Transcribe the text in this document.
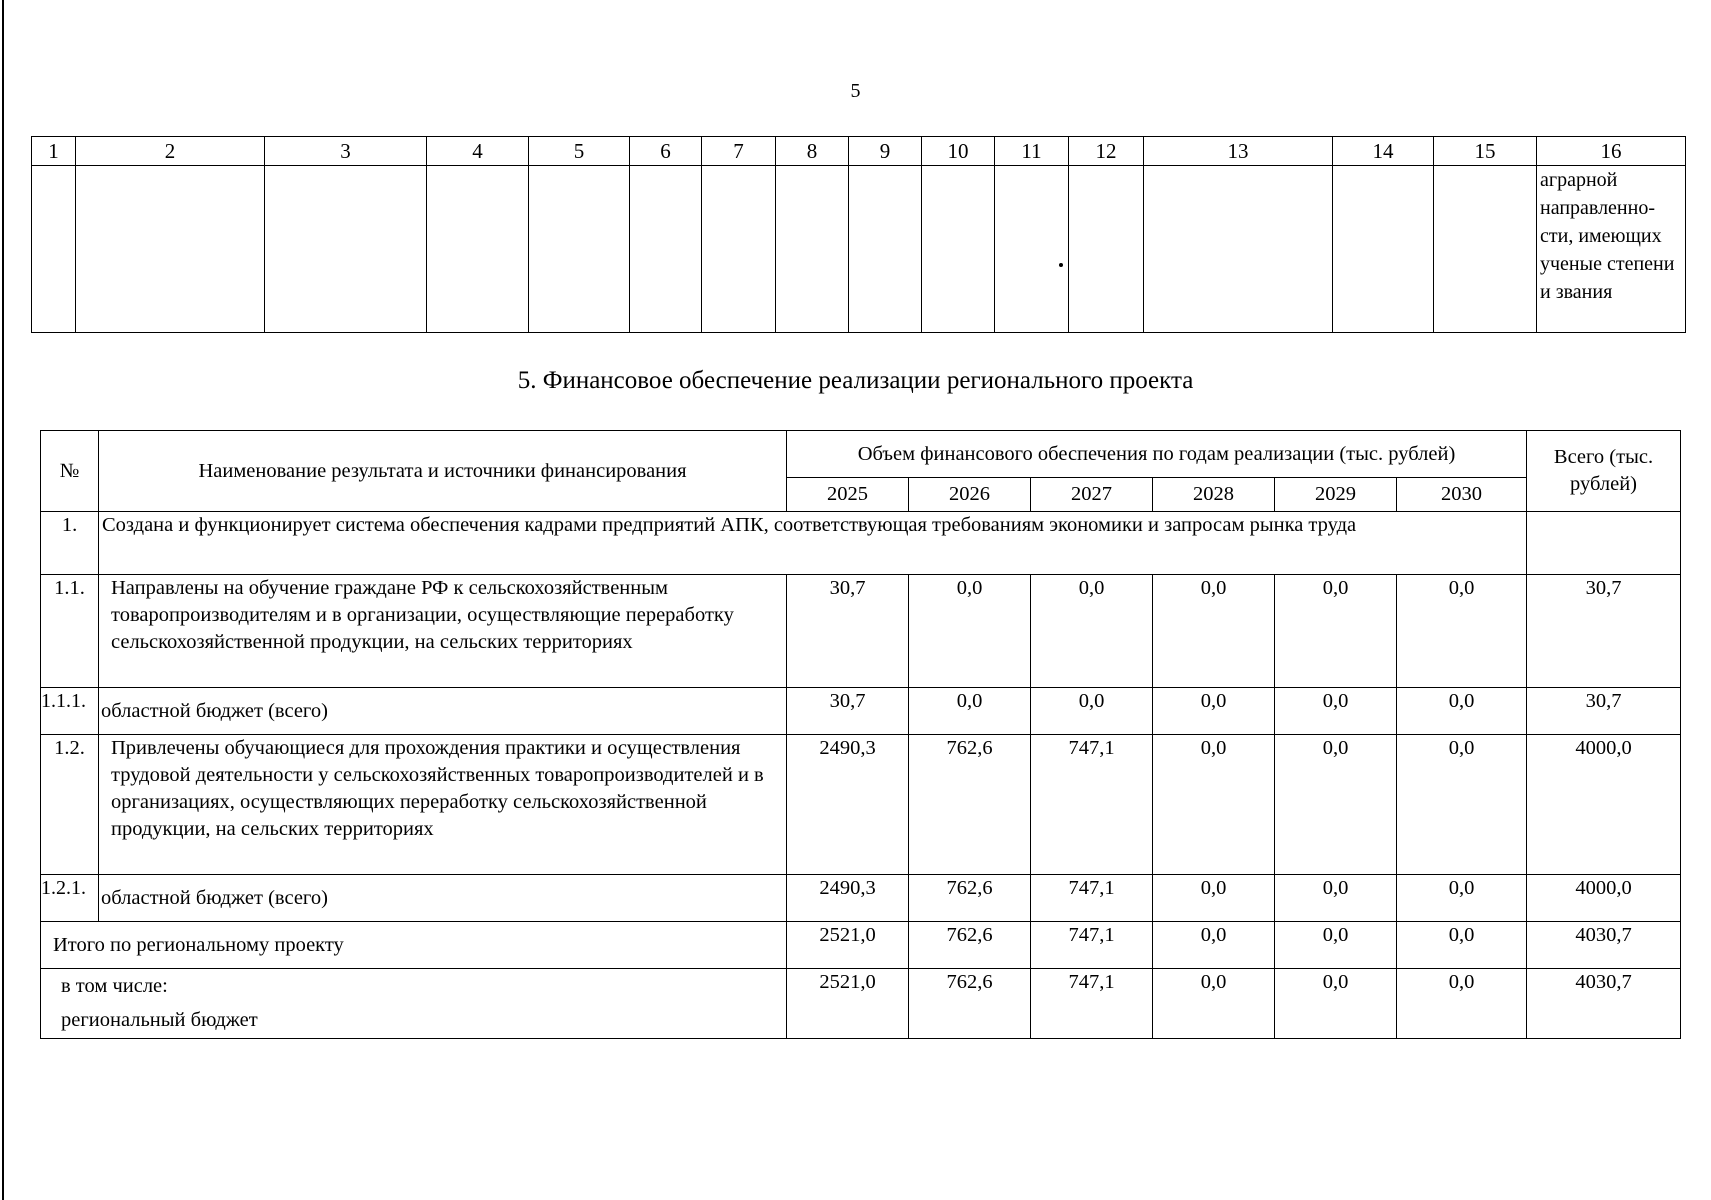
5
1	2	3	4	5	6	7	8	9	10	11	12	13	14	15	16
															аграрной направленно-сти, имеющих ученые степени и звания
5. Финансовое обеспечение реализации регионального проекта
№	Наименование результата и источники финансирования	Объем финансового обеспечения по годам реализации (тыс. рублей)						Всего (тыс. рублей)
		2025	2026	2027	2028	2029	2030	
1.	Создана и функционирует система обеспечения кадрами предприятий АПК, соответствующая требованиям экономики и запросам рынка труда							
1.1.	Направлены на обучение граждане РФ к сельскохозяйственным товаропроизводителям и в организации, осуществляющие переработку сельскохозяйственной продукции, на сельских территориях	30,7	0,0	0,0	0,0	0,0	0,0	30,7
1.1.1.	областной бюджет (всего)	30,7	0,0	0,0	0,0	0,0	0,0	30,7
1.2.	Привлечены обучающиеся для прохождения практики и осуществления трудовой деятельности у сельскохозяйственных товаропроизводителей и в организациях, осуществляющих переработку сельскохозяйственной продукции, на сельских территориях	2490,3	762,6	747,1	0,0	0,0	0,0	4000,0
1.2.1.	областной бюджет (всего)	2490,3	762,6	747,1	0,0	0,0	0,0	4000,0
Итого по региональному проекту		2521,0	762,6	747,1	0,0	0,0	0,0	4030,7

в том числе:
региональный бюджет		2521,0	762,6	747,1	0,0	0,0	0,0	4030,7
